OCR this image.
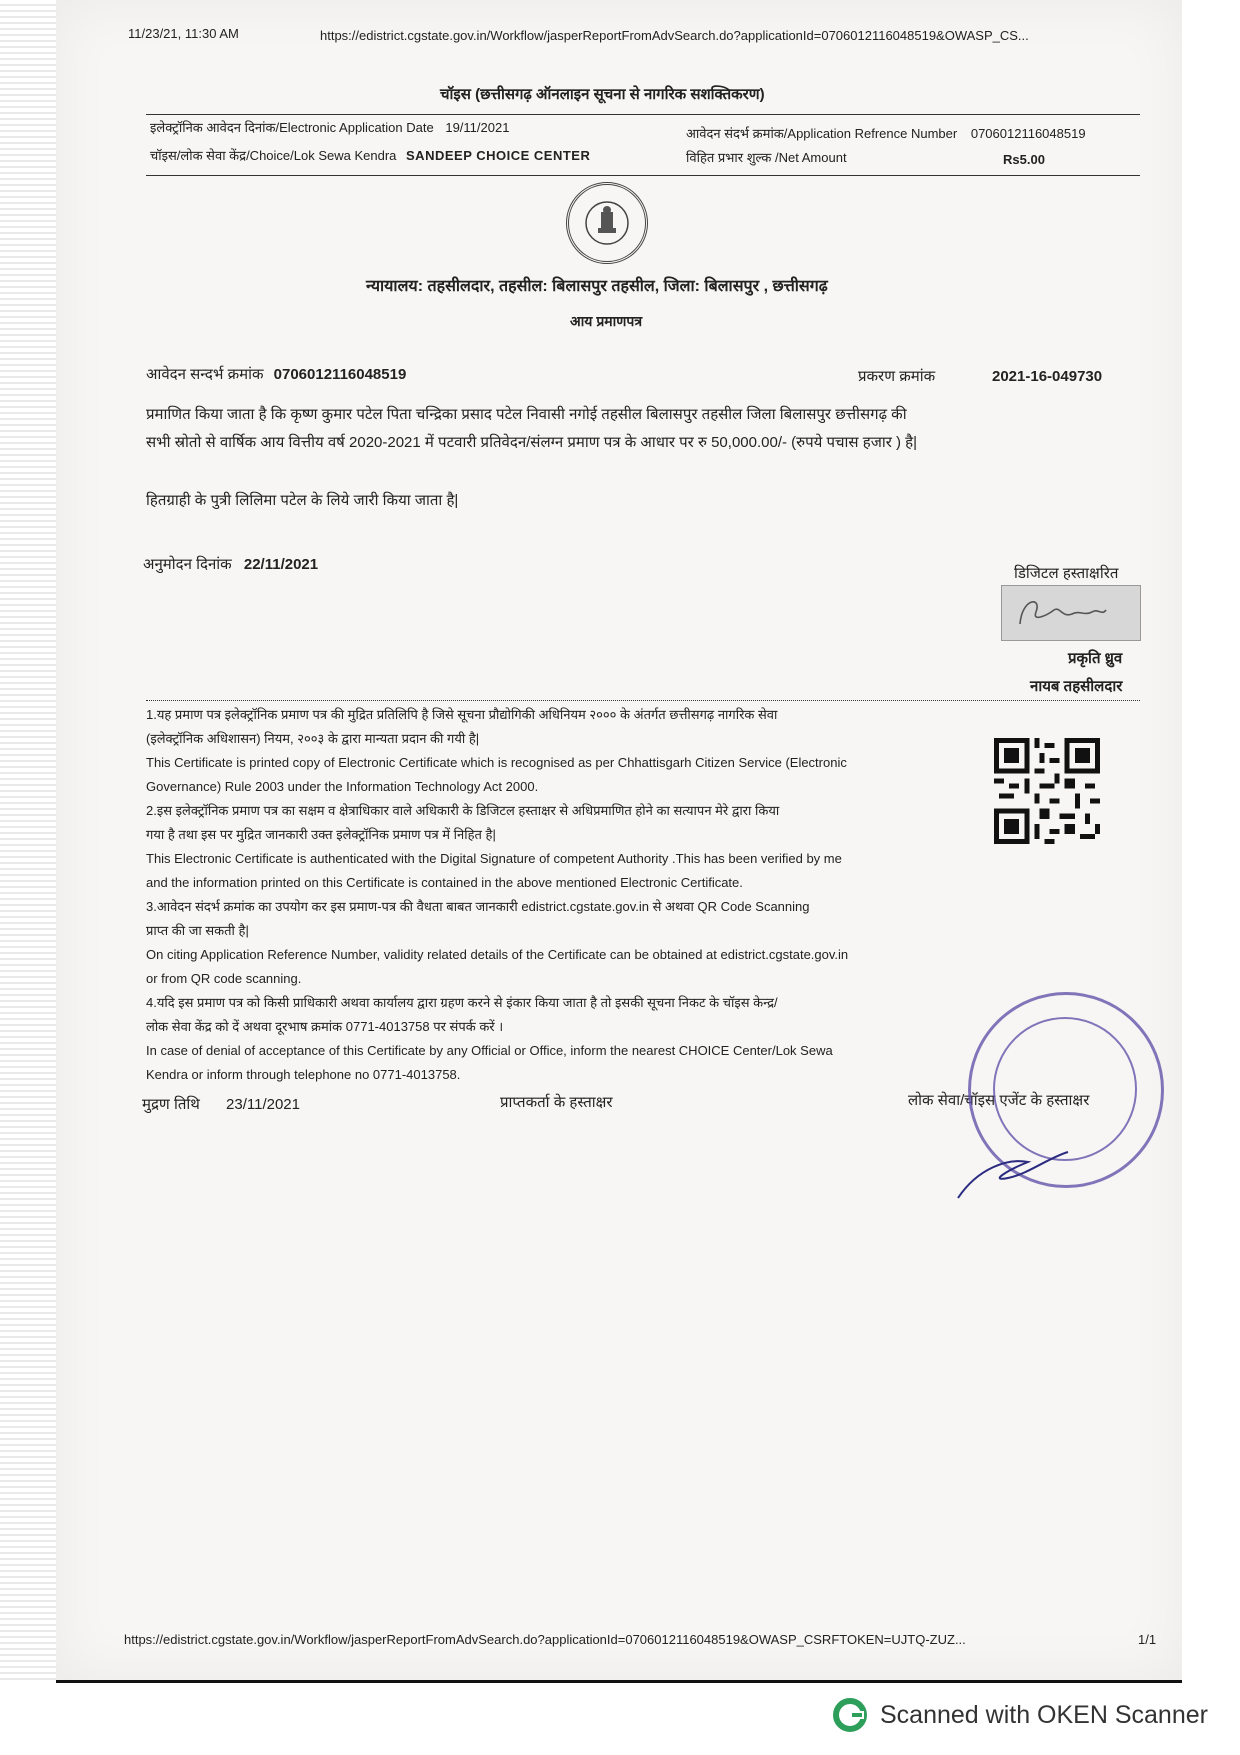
11/23/21, 11:30 AM	https://edistrict.cgstate.gov.in/Workflow/jasperReportFromAdvSearch.do?applicationId=070601211604851​9&OWASP_CS...
चॉइस (छत्तीसगढ़ ऑनलाइन सूचना से नागरिक सशक्तिकरण)
इलेक्ट्रॉनिक आवेदन दिनांक/Electronic Application Date 19/11/2021	आवेदन संदर्भ क्रमांक/Application Refrence Number 070601211604851​9
चॉइस/लोक सेवा केंद्र/Choice/Lok Sewa Kendra SANDEEP CHOICE CENTER	विहित प्रभार शुल्क /Net Amount	Rs5.00
न्यायालय: तहसीलदार, तहसील: बिलासपुर तहसील, जिला: बिलासपुर , छत्तीसगढ़
आय प्रमाणपत्र
आवेदन सन्दर्भ क्रमांक 070601211604851​9	प्रकरण क्रमांक	2021-16-049730
प्रमाणित किया जाता है कि कृष्ण कुमार पटेल पिता चन्द्रिका प्रसाद पटेल निवासी नगोई तहसील बिलासपुर तहसील जिला बिलासपुर छत्तीसगढ़ की
सभी स्रोतो से वार्षिक आय वित्तीय वर्ष 2020-2021 में पटवारी प्रतिवेदन/संलग्न प्रमाण पत्र के आधार पर रु 50,000.00/- (रुपये पचास हजार ) है|
हितग्राही के पुत्री लिलिमा पटेल के लिये जारी किया जाता है|
अनुमोदन दिनांक 22/11/2021
डिजिटल हस्ताक्षरित
प्रकृति ध्रुव
नायब तहसीलदार

1.यह प्रमाण पत्र इलेक्ट्रॉनिक प्रमाण पत्र की मुद्रित प्रतिलिपि है जिसे सूचना प्रौद्योगिकी अधिनियम २००० के अंतर्गत छत्तीसगढ़ नागरिक सेवा

(इलेक्ट्रॉनिक अधिशासन) नियम, २००३ के द्वारा मान्यता प्रदान की गयी है|

This Certificate is printed copy of Electronic Certificate which is recognised as per Chhattisgarh Citizen Service (Electronic

Governance) Rule 2003 under the Information Technology Act 2000.

2.इस इलेक्ट्रॉनिक प्रमाण पत्र का सक्षम व क्षेत्राधिकार वाले अधिकारी के डिजिटल हस्ताक्षर से अधिप्रमाणित होने का सत्यापन मेरे द्वारा किया

गया है तथा इस पर मुद्रित जानकारी उक्त इलेक्ट्रॉनिक प्रमाण पत्र में निहित है|

This Electronic Certificate is authenticated with the Digital Signature of competent Authority .This has been verified by me

and the information printed on this Certificate is contained in the above mentioned Electronic Certificate.

3.आवेदन संदर्भ क्रमांक का उपयोग कर इस प्रमाण-पत्र की वैधता बाबत जानकारी edistrict.cgstate.gov.in से अथवा QR Code Scanning

प्राप्त की जा सकती है|

On citing Application Reference Number, validity related details of the Certificate can be obtained at edistrict.cgstate.gov.in

or from QR code scanning.

4.यदि इस प्रमाण पत्र को किसी प्राधिकारी अथवा कार्यालय द्वारा ग्रहण करने से इंकार किया जाता है तो इसकी सूचना निकट के चॉइस केन्द्र/

लोक सेवा केंद्र को दें अथवा दूरभाष क्रमांक 0771-4013758 पर संपर्क करें ।

In case of denial of acceptance of this Certificate by any Official or Office, inform the nearest CHOICE Center/Lok Sewa

Kendra or inform through telephone no 0771-4013758.

मुद्रण तिथि 23/11/2021	प्राप्तकर्ता के हस्ताक्षर	लोक सेवा/चॉइस एजेंट के हस्ताक्षर
https://edistrict.cgstate.gov.in/Workflow/jasperReportFromAdvSearch.do?applicationId=070601211604851​9&OWASP_CSRFTOKEN=UJTQ-ZUZ...	1/1
Scanned with OKEN Scanner
